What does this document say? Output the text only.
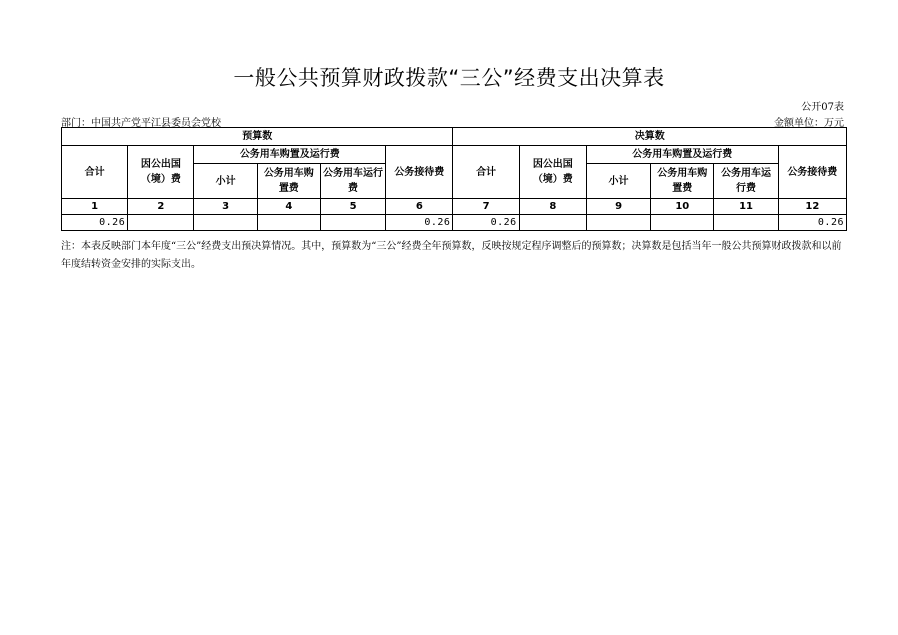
一般公共预算财政拨款“三公”经费支出决算表
公开07表
部门：中国共产党平江县委员会党校	金额单位：万元
预算数						决算数					
合计	因公出国（境）费	公务用车购置及运行费			公务接待费	合计	因公出国（境）费	公务用车购置及运行费			公务接待费
		小计	公务用车购置费	公务用车运行费				小计	公务用车购置费	公务用车运行费	
1	2	3	4	5	6	7	8	9	10	11	12
0.26					0.26	0.26					0.26
注：本表反映部门本年度“三公”经费支出预决算情况。其中，预算数为“三公”经费全年预算数，反映按规定程序调整后的预算数；决算数是包括当年一般公共预算财政拨款和以前年度结转资金安排的实际支出。
